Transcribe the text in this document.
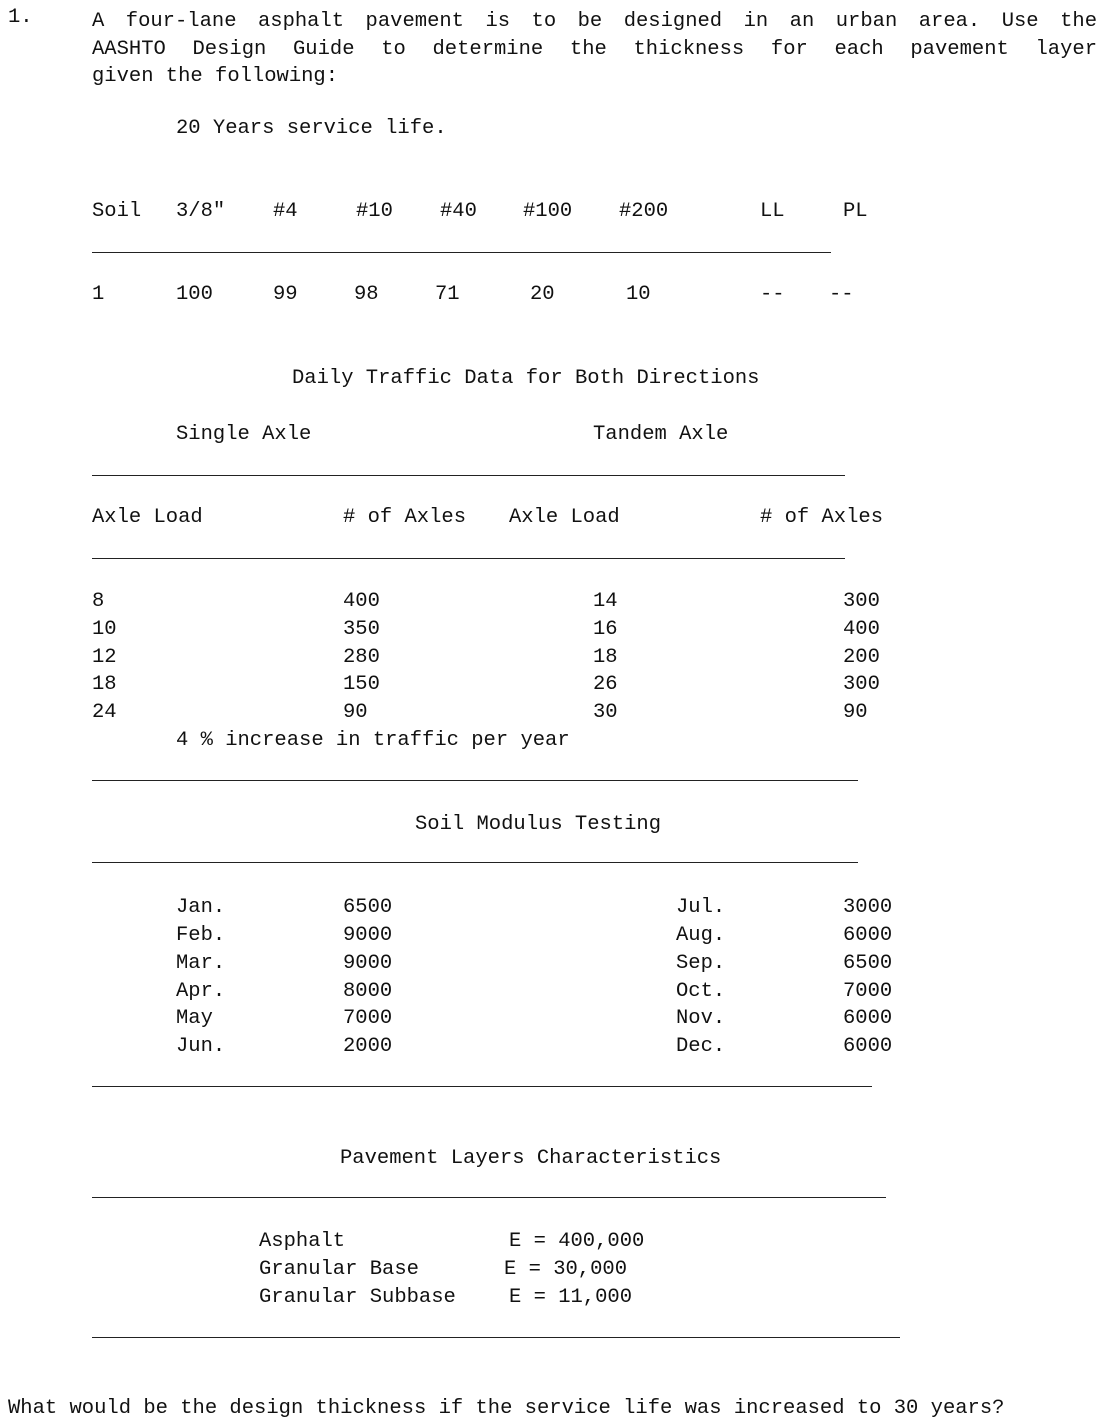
1.	A four-lane asphalt pavement is to be designed in an urban area. Use the
AASHTO Design Guide to determine the thickness for each pavement layer
given the following:
20 Years service life.
Soil 3/8" #4	#10 #40 #100 #200	LL	PL
1	100	99	98	71	20	10	-- --
Daily Traffic Data for Both Directions
Single Axle	Tandem Axle
Axle Load	# of Axles Axle Load	# of Axles
8	400	14	300
10	350	16	400
12	280	18	200
18	150	26	300
24	90	30	90
4 % increase in traffic per year
Soil Modulus Testing
Jan.	6500	Jul.	3000
Feb.	9000	Aug.	6000
Mar.	9000	Sep.	6500
Apr.	8000	Oct.	7000
May	7000	Nov.	6000
Jun.	2000	Dec.	6000
Pavement Layers Characteristics
Asphalt	E = 400,000
Granular Base	E = 30,000
Granular Subbase	E = 11,000
What would be the design thickness if the service life was increased to 30 years?
